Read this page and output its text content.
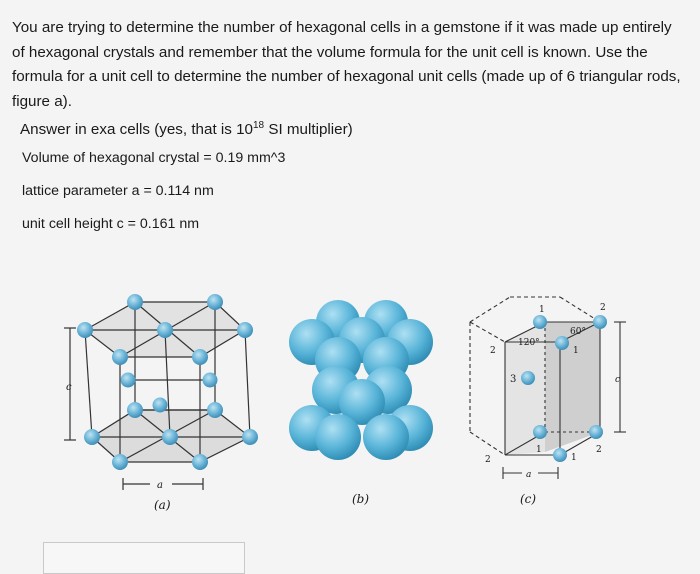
You are trying to determine the number of hexagonal cells in a gemstone if it was made up entirely of hexagonal crystals and remember that the volume formula for the unit cell is known. Use the formula for a unit cell to determine the number of hexagonal unit cells (made up of 6 triangular rods, figure a).
Answer in exa cells (yes, that is $10^{18}$ SI multiplier)
Volume of hexagonal crystal = 0.19 mm^3
lattice parameter a = 0.114 nm
unit cell height c = 0.161 nm
c
a
1	2
60°
120°
1
2
3
2
1
1
2
c
a
(a)	(b)	(c)
